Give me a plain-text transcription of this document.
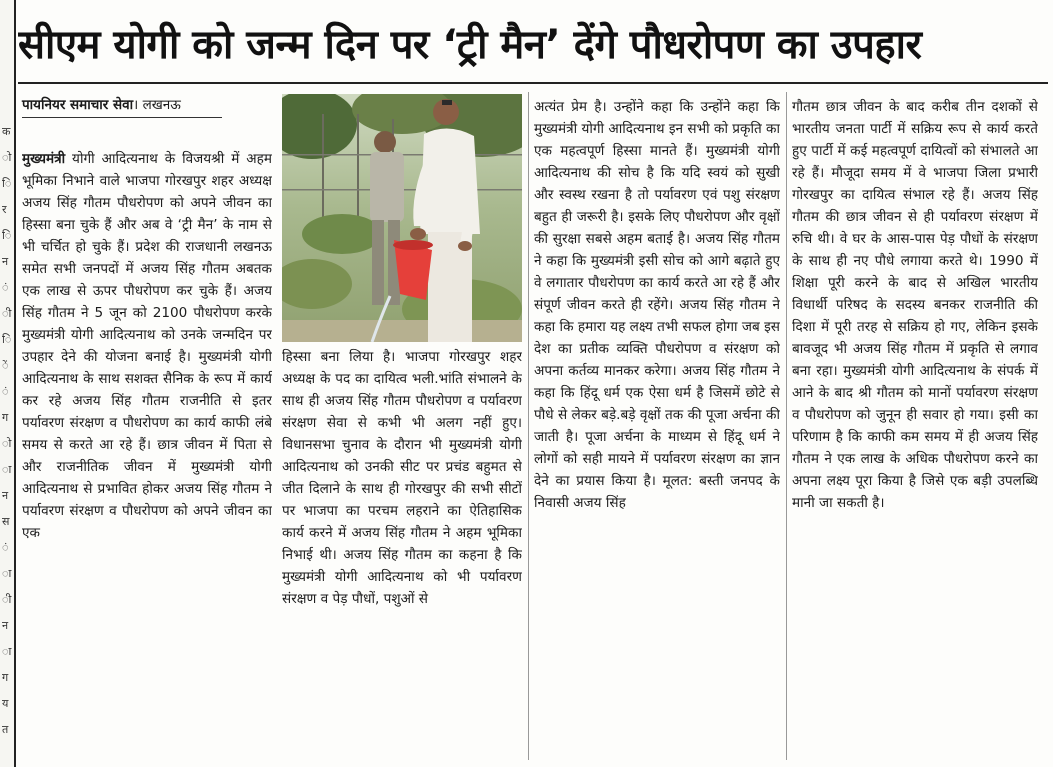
क
ो
ि
र
ि
न
ं
ी
ि
ें
ं
ग
ो
ा
न
स
ं
ा
ी
न
ा
ग
य
त
सीएम योगी को जन्म दिन पर ‘ट्री मैन’ देंगे पौधरोपण का उपहार
पायनियर समाचार सेवा। लखनऊ
मुख्यमंत्री योगी आदित्यनाथ के विजयश्री में अहम भूमिका निभाने वाले भाजपा गोरखपुर शहर अध्यक्ष अजय सिंह गौतम पौधरोपण को अपने जीवन का हिस्सा बना चुके हैं और अब वे ‘ट्री मैन’ के नाम से भी चर्चित हो चुके हैं। प्रदेश की राजधानी लखनऊ समेत सभी जनपदों में अजय सिंह गौतम अबतक एक लाख से ऊपर पौधरोपण कर चुके हैं। अजय सिंह गौतम ने 5 जून को 2100 पौधरोपण करके मुख्यमंत्री योगी आदित्यनाथ को उनके जन्मदिन पर उपहार देने की योजना बनाई है। मुख्यमंत्री योगी आदित्यनाथ के साथ सशक्त सैनिक के रूप में कार्य कर रहे अजय सिंह गौतम राजनीति से इतर पर्यावरण संरक्षण व पौधरोपण का कार्य काफी लंबे समय से करते आ रहे हैं। छात्र जीवन में पिता से और राजनीतिक जीवन में मुख्यमंत्री योगी आदित्यनाथ से प्रभावित होकर अजय सिंह गौतम ने पर्यावरण संरक्षण व पौधरोपण को अपने जीवन का एक
हिस्सा बना लिया है। भाजपा गोरखपुर शहर अध्यक्ष के पद का दायित्व भली.भांति संभालने के साथ ही अजय सिंह गौतम पौधरोपण व पर्यावरण संरक्षण सेवा से कभी भी अलग नहीं हुए। विधानसभा चुनाव के दौरान भी मुख्यमंत्री योगी आदित्यनाथ को उनकी सीट पर प्रचंड बहुमत से जीत दिलाने के साथ ही गोरखपुर की सभी सीटों पर भाजपा का परचम लहराने का ऐतिहासिक कार्य करने में अजय सिंह गौतम ने अहम भूमिका निभाई थी। अजय सिंह गौतम का कहना है कि मुख्यमंत्री योगी आदित्यनाथ को भी पर्यावरण संरक्षण व पेड़ पौधों, पशुओं से
अत्यंत प्रेम है। उन्होंने कहा कि उन्होंने कहा कि मुख्यमंत्री योगी आदित्यनाथ इन सभी को प्रकृति का एक महत्वपूर्ण हिस्सा मानते हैं। मुख्यमंत्री योगी आदित्यनाथ की सोच है कि यदि स्वयं को सुखी और स्वस्थ रखना है तो पर्यावरण एवं पशु संरक्षण बहुत ही जरूरी है। इसके लिए पौधरोपण और वृक्षों की सुरक्षा सबसे अहम बताई है। अजय सिंह गौतम ने कहा कि मुख्यमंत्री इसी सोच को आगे बढ़ाते हुए वे लगातार पौधरोपण का कार्य करते आ रहे हैं और संपूर्ण जीवन करते ही रहेंगे। अजय सिंह गौतम ने कहा कि हमारा यह लक्ष्य तभी सफल होगा जब इस देश का प्रतीक व्यक्ति पौधरोपण व संरक्षण को अपना कर्तव्य मानकर करेगा। अजय सिंह गौतम ने कहा कि हिंदू धर्म एक ऐसा धर्म है जिसमें छोटे से पौधे से लेकर बड़े.बड़े वृक्षों तक की पूजा अर्चना की जाती है। पूजा अर्चना के माध्यम से हिंदू धर्म ने लोगों को सही मायने में पर्यावरण संरक्षण का ज्ञान देने का प्रयास किया है। मूलत: बस्ती जनपद के निवासी अजय सिंह
गौतम छात्र जीवन के बाद करीब तीन दशकों से भारतीय जनता पार्टी में सक्रिय रूप से कार्य करते हुए पार्टी में कई महत्वपूर्ण दायित्वों को संभालते आ रहे हैं। मौजूदा समय में वे भाजपा जिला प्रभारी गोरखपुर का दायित्व संभाल रहे हैं। अजय सिंह गौतम की छात्र जीवन से ही पर्यावरण संरक्षण में रुचि थी। वे घर के आस-पास पेड़ पौधों के संरक्षण के साथ ही नए पौधे लगाया करते थे। 1990 में शिक्षा पूरी करने के बाद से अखिल भारतीय विधार्थी परिषद के सदस्य बनकर राजनीति की दिशा में पूरी तरह से सक्रिय हो गए, लेकिन इसके बावजूद भी अजय सिंह गौतम में प्रकृति से लगाव बना रहा। मुख्यमंत्री योगी आदित्यनाथ के संपर्क में आने के बाद श्री गौतम को मानों पर्यावरण संरक्षण व पौधरोपण को जुनून ही सवार हो गया। इसी का परिणाम है कि काफी कम समय में ही अजय सिंह गौतम ने एक लाख के अधिक पौधरोपण करने का अपना लक्ष्य पूरा किया है जिसे एक बड़ी उपलब्धि मानी जा सकती है।
